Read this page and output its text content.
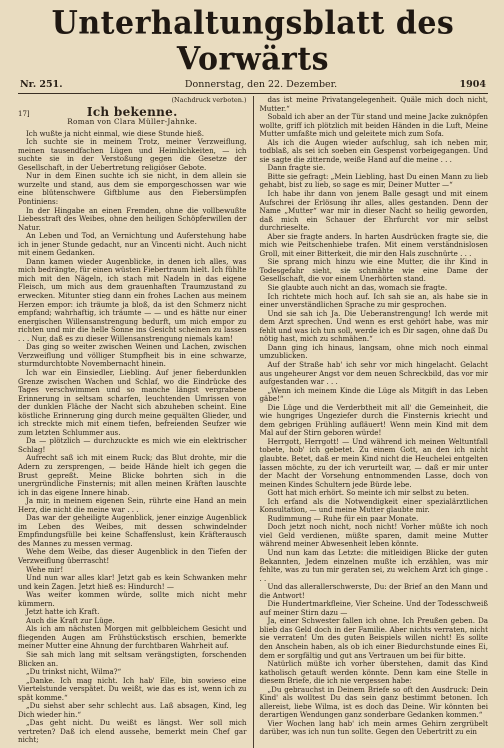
Unterhaltungsblatt des Vorwärts
Nr. 251.	Donnerstag, den 22. Dezember.	1904
(Nachdruck verboten.)
17]	Ich bekenne.
Roman von Clara Müller-Jahnke.

Ich wußte ja nicht einmal, wie diese Stunde hieß.

Ich suchte sie in meinem Trotz, meiner Verzweiflung, meinen tausendfachen Lügen und Heimlichkeiten, — ich suchte sie in der Verstoßung gegen die Gesetze der Gesellschaft, in der Uebertretung religiöser Gebote.

Nur in dem Einen suchte ich sie nicht, in dem allein sie wurzelte und stand, aus dem sie emporgeschossen war wie eine blütenschwere Giftblume aus den Fiebersümpfen Pontiniens:

In der Hingabe an einen Fremden, ohne die vollbewußte Liebesstraft des Weibes, ohne den heiligen Schöpferwillen der Natur.

An Leben und Tod, an Vernichtung und Auferstehung habe ich in jener Stunde gedacht, nur an Vincenti nicht. Auch nicht mit einem Gedanken.

Dann kamen wieder Augenblicke, in denen ich alles, was mich bedrängte, für einen wüsten Fiebertraum hielt. Ich fühlte mich mit den Nägeln, ich stach mit Nadeln in das eigene Fleisch, um mich aus dem grauenhaften Traumzustand zu erwecken. Mitunter stieg dann ein frohes Lachen aus meinem Herzen empor: ich träumte ja bloß, da ist den Schmerz nicht empfand; wahrhaftig, ich träumte — — und es hätte nur einer energischen Willensanstrengung bedurft, um mich empor zu richten und mir die helle Sonne ins Gesicht scheinen zu lassen . . . Nur, daß es zu dieser Willensanstrengung niemals kam!

Das ging so weiter zwischen Weinen und Lachen, zwischen Verzweiflung und völliger Stumpfheit bis in eine schwarze, sturmdurchtobte Novembernacht hinein.

Ich war ein Einsiedler, Liebling. Auf jener fieberdunklen Grenze zwischen Wachen und Schlaf, wo die Eindrücke des Tages verschwimmen und so manche längst vergrabene Erinnerung in seltsam scharfen, leuchtenden Umrissen von der dunklen Fläche der Nacht sich abzuheben scheint. Eine köstliche Erinnerung ging durch meine gequälten Glieder, und ich streckte mich mit einem tiefen, befreienden Seufzer wie zum letzten Schlummer aus.

Da — plötzlich — durchzuckte es mich wie ein elektrischer Schlag!

Aufrecht saß ich mit einem Ruck; das Blut drohte, mir die Adern zu zersprengen, — beide Hände hielt ich gegen die Brust gepreßt. Meine Blicke bohrten sich in die unergründliche Finsternis; mit allen meinen Kräften lauschte ich in das eigene Innere hinab.

Ja mir, in meinem eigenen Sein, rührte eine Hand an mein Herz, die nicht die meine war . . .

Das war der geheiligte Augenblick, jener einzige Augenblick im Leben des Weibes, mit dessen schwindelnder Empfindungsfülle bei keine Schaffenslust, kein Kräfterausch des Mannes zu messen vermag.

Wehe dem Weibe, das dieser Augenblick in den Tiefen der Verzweiflung überrascht!

Wehe mir!

Und nun war alles klar! Jetzt gab es kein Schwanken mehr und kein Zagen. Jetzt hieß es: Hindurch! —

Was weiter kommen würde, sollte mich nicht mehr kümmern.

Jetzt hatte ich Kraft.

Auch die Kraft zur Lüge.

Als ich am nächsten Morgen mit gelbbleichem Gesicht und fliegenden Augen am Frühstückstisch erschien, bemerkte meiner Mutter eine Ahnung der furchtbaren Wahrheit auf.

Sie sah mich lang mit seltsam verängstigten, forschenden Blicken an.

„Du trinkst nicht, Wilma?“

„Danke. Ich mag nicht. Ich hab' Eile, bin sowieso eine Viertelstunde verspätet. Du weißt, wie das es ist, wenn ich zu spät komme.“

„Du siehst aber sehr schlecht aus. Laß absagen, Kind, leg Dich wieder hin.“

„Das geht nicht. Du weißt es längst. Wer soll mich vertreten? Daß ich elend aussehe, bemerkt mein Chef gar nicht;

das ist meine Privatangelegenheit. Quäle mich doch nicht, Mutter.“

Sobald ich aber an der Tür stand und meine Jacke zuknöpfen wollte, griff ich plötzlich mit beiden Händen in die Luft, Meine Mutter umfaßte mich und geleitete mich zum Sofa.

Als ich die Augen wieder aufschlug, sah ich neben mir, todblaß, als sei ich soeben ein Gespenst vorbeigegangen. Und sie sagte die zitternde, weiße Hand auf die meine . . .

Dann fragte sie.

Bitte sie gefragt: „Mein Liebling, hast Du einen Mann zu lieb gehabt, bist zu lieb, so sage es mir, Deiner Mutter —“

Ich habe ihr dann von jenem Balle gesagt und mit einem Aufschrei der Erlösung ihr alles, alles gestanden. Denn der Name „Mutter“ war mir in dieser Nacht so heilig geworden, daß mich ein Schauer der Ehrfurcht vor mir selbst durchrieselte.

Aber sie fragte anders. In harten Ausdrücken fragte sie, die mich wie Peitschenhiebe trafen. Mit einem verständnislosen Groll, mit einer Bitterkeit, die mir den Hals zuschnürte . . .

Sie sprang mich hinzu wie eine Mutter, die ihr Kind in Todesgefahr sieht, sie schmähte wie eine Dame der Gesellschaft, die vor einem Unerhörten stand.

Sie glaubte auch nicht an das, womach sie fragte.

Ich richtete mich hoch auf. Ich sah sie an, als habe sie in einer unverständlichen Sprache zu mir gesprochen.

Und sie sah ich Ja. Die Ueberanstrengung! Ich werde mit dem Arzt sprechen. Und wenn es erst gehört habe, was mir fehlt und was ich tun soll, werde ich es Dir sagen, ohne daß Du nötig hast, mich zu schmähen.“

Dann ging ich hinaus, langsam, ohne mich noch einmal umzublicken.

Auf der Straße hab' ich sehr vor mich hingelacht. Gelacht aus ungeheurer Angst vor dem neuen Schreckbild, das vor mir aufgestanden war . . .

„Wenn ich meinem Kinde die Lüge als Mitgift in das Leben gäbe!“

Die Lüge und die Verderbtheit mit all' die Gemeinheit, die wie hungriges Ungeziefer durch die Finsternis kriecht und dem gebrigen Frühling aufläuert! Wenn mein Kind mit dem Mal auf der Stirn geboren würde!

Herrgott, Herrgott! — Und während ich meinen Weltuntfall tobete, hob' ich gebetet. Zu einem Gott, an den ich nicht glaubte. Betet, daß er mein Kind nicht die Heuchelei entgelten lassen möchte, zu der ich verurteilt war, — daß er mir unter der Macht der Vorsehung entnommenden Lasse, doch von meinen Kindes Schultern jede Bürde lebe.

Gott hat mich erhört. So meinte ich mir selbst zu beten.

Ich erfand als die Notwendigkeit einer spezialärztlichen Konsultation, — und meine Mutter glaubte mir.

Rudimmung — Ruhe für ein paar Monate.

Doch jetzt noch nicht, noch nicht! Vorher müßte ich noch viel Geld verdienen, müßte sparen, damit meine Mutter während meiner Abwesenheit leben könnte.

Und nun kam das Letzte: die mitleidigen Blicke der guten Bekannten, Jedem einzelnen mußte ich erzählen, was mir fehlte, was zu tun mir geraten sei, zu welchem Arzt ich ginge . . .

Und das allerallerschwerste, Du: der Brief an den Mann und die Antwort!

Die Hundertmarkfleine, Vier Scheine. Und der Todesschweiß auf meiner Stirn dazu —

Ja, einer Schwester fallen ich ohne. Ich Preußen geben. Da blieb das Geld doch in der Familie. Aber nichts verraten, nicht sie verraten! Um des guten Beispiels willen nicht! Es sollte den Anschein haben, als ob ich einer Biedurchstunde eines Ei, dem er sorgfältig und gut ans Vertrauen um bei für bitte.

Natürlich müßte ich vorher überstehen, damit das Kind katholisch getauft werden könnte. Denn kam eine Stelle in diesem Briefe, die ich nie vergessen habe:

„Du gebrauchst in Deinem Briefe so oft den Ausdruck: Dein Kind' als wolltest Du das sein ganz bestimmt betonen. Ich allereist, liebe Wilma, ist es doch das Deine. Wir könnten bei derartigen Wendungen ganz sonderbare Gedanken kommen.“

Vier Wochen lang hab' ich mein armes Gehirn zergrübelt darüber, was ich nun tun sollte. Gegen den Uebertritt zu ein
